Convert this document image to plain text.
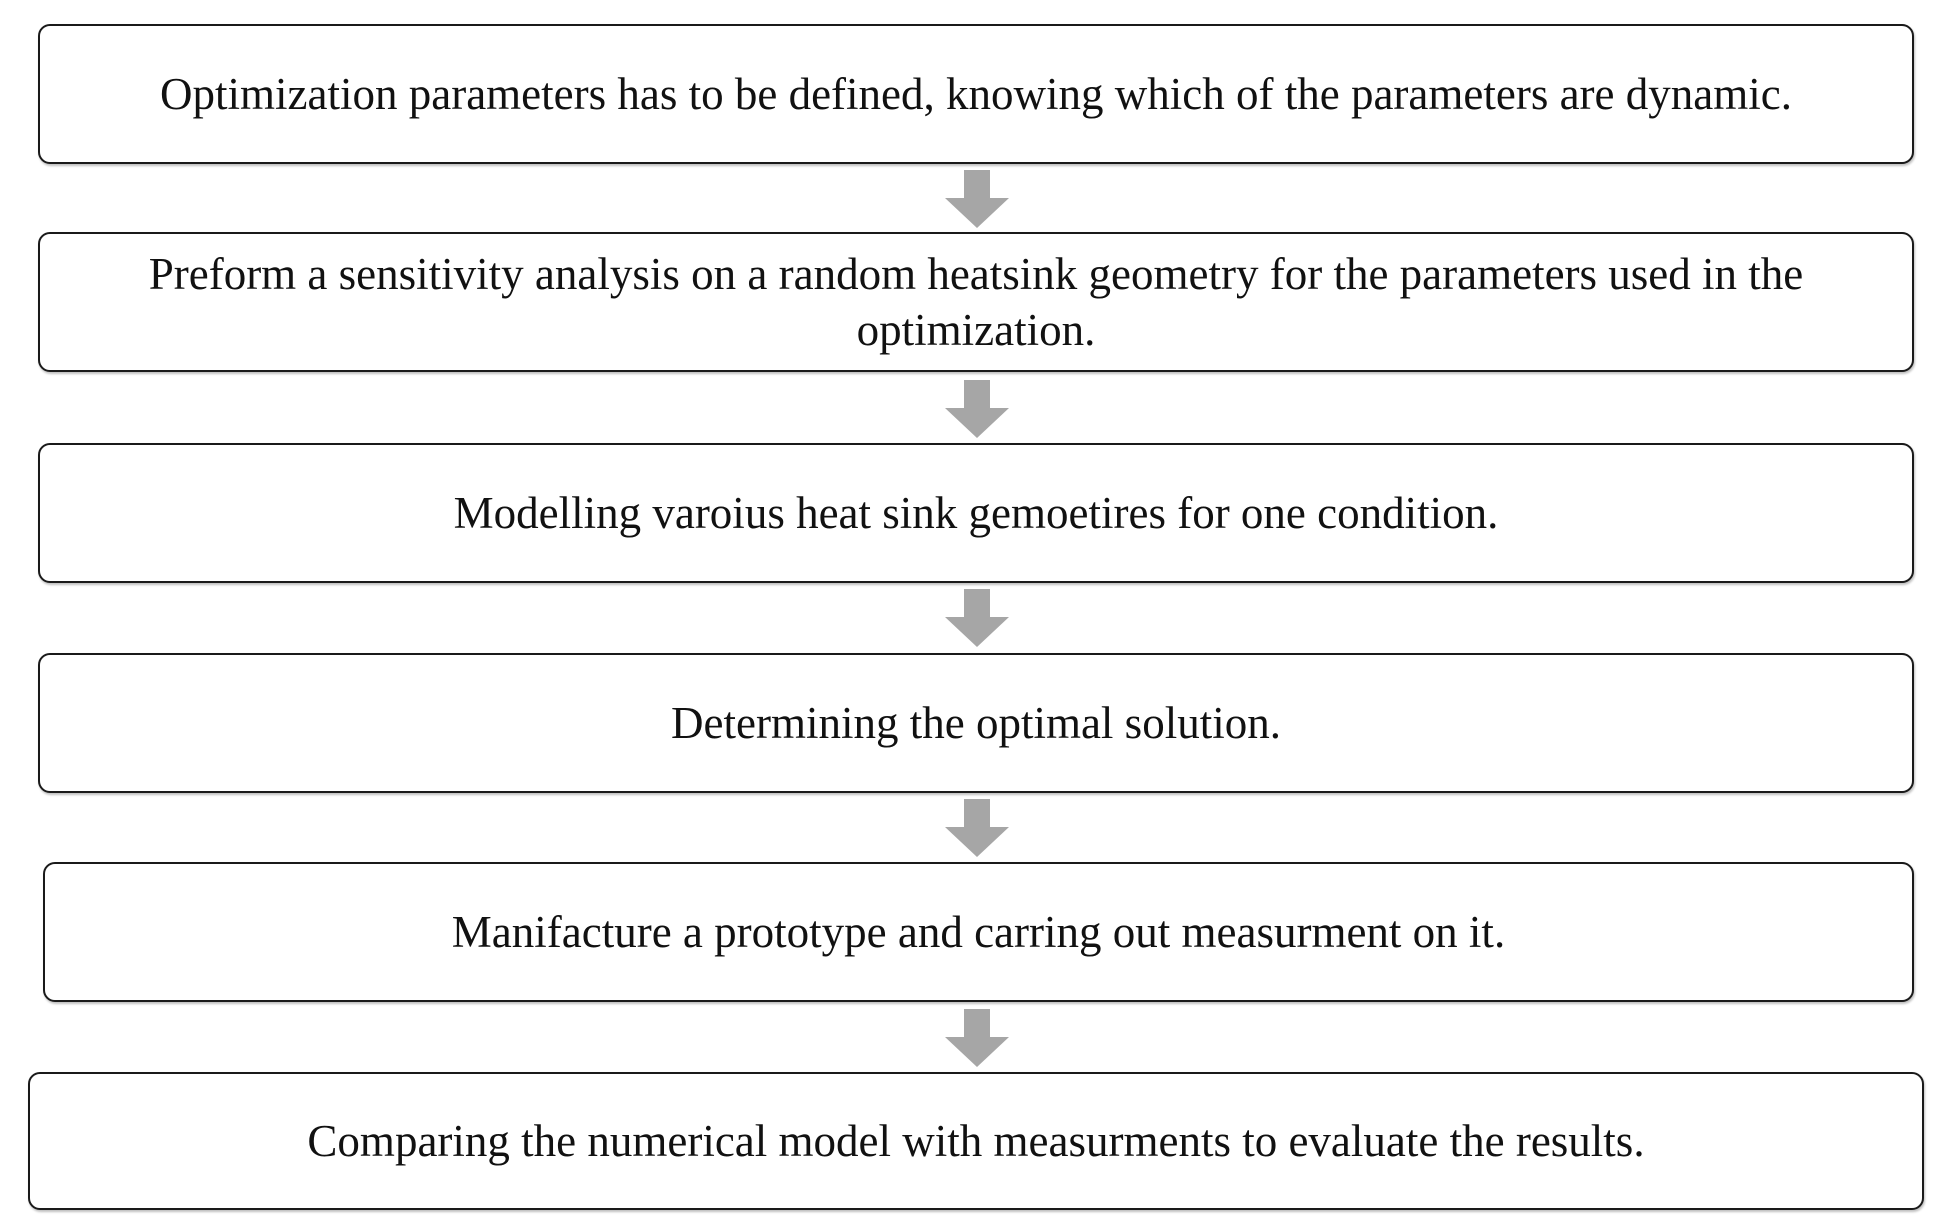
Optimization parameters has to be defined, knowing which of the parameters are dynamic.
Preform a sensitivity analysis on a random heatsink geometry for the parameters used in the optimization.
Modelling varoius heat sink gemoetires for one condition.
Determining the optimal solution.
Manifacture a prototype and carring out measurment on it.
Comparing the numerical model with measurments to evaluate the results.
